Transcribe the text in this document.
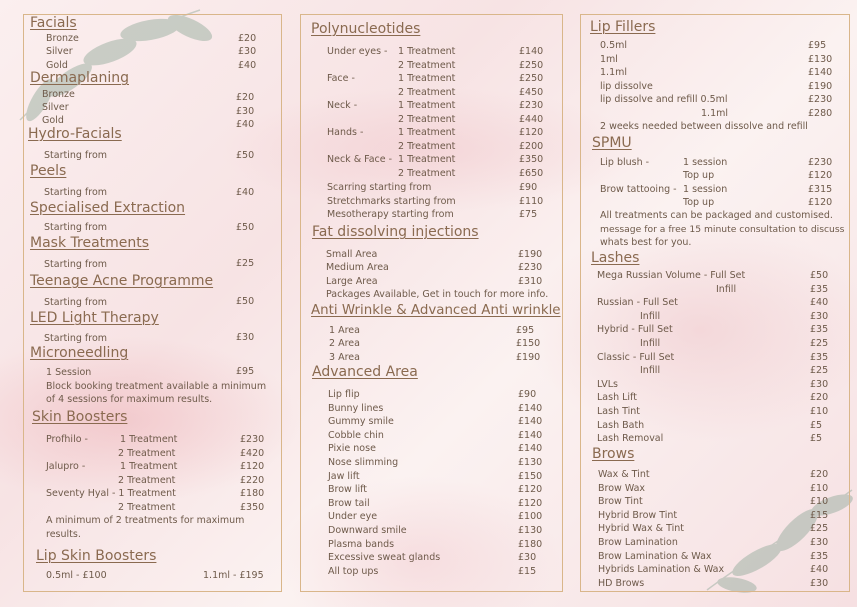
Facials
Bronze	£20
Silver	£30
Gold	£40
Dermaplaning
Bronze	£20
Silver	£30
Gold	£40
Hydro-Facials
Starting from	£50
Peels
Starting from	£40
Specialised Extraction
Starting from	£50
Mask Treatments
Starting from	£25
Teenage Acne Programme
Starting from	£50
LED Light Therapy
Starting from	£30
Microneedling
1 Session	£95
Block booking treatment available a minimum
of 4 sessions for maximum results.
Skin Boosters
Profhilo -	1 Treatment	£230
2 Treatment	£420
Jalupro -	1 Treatment	£120
2 Treatment	£220
Seventy Hyal - 1 Treatment	£180
2 Treatment	£350
A minimum of 2 treatments for maximum
results.
Lip Skin Boosters
0.5ml - £100	1.1ml - £195
Polynucleotides
Under eyes - 1 Treatment	£140
2 Treatment	£250
Face -	1 Treatment	£250
2 Treatment	£450
Neck -	1 Treatment	£230
2 Treatment	£440
Hands -	1 Treatment	£120
2 Treatment	£200
Neck & Face - 1 Treatment	£350
2 Treatment	£650
Scarring starting from	£90
Stretchmarks starting from	£110
Mesotherapy starting from	£75
Fat dissolving injections
Small Area	£190
Medium Area	£230
Large Area	£310
Packages Available, Get in touch for more info.
Anti Wrinkle & Advanced Anti wrinkle
1 Area	£95
2 Area	£150
3 Area	£190
Advanced Area
Lip flip	£90
Bunny lines	£140
Gummy smile	£140
Cobble chin	£140
Pixie nose	£140
Nose slimming	£130
Jaw lift	£150
Brow lift	£120
Brow tail	£120
Under eye	£100
Downward smile	£130
Plasma bands	£180
Excessive sweat glands	£30
All top ups	£15
Lip Fillers
0.5ml	£95
1ml	£130
1.1ml	£140
lip dissolve	£190
lip dissolve and refill 0.5ml	£230
1.1ml	£280
2 weeks needed between dissolve and refill
SPMU
Lip blush -	1 session	£230
Top up	£120
Brow tattooing - 1 session	£315
Top up	£120
All treatments can be packaged and customised.
message for a free 15 minute consultation to discuss
whats best for you.
Lashes
Mega Russian Volume - Full Set	£50
Infill	£35
Russian - Full Set	£40
Infill	£30
Hybrid - Full Set	£35
Infill	£25
Classic - Full Set	£35
Infill	£25
LVLs	£30
Lash Lift	£20
Lash Tint	£10
Lash Bath	£5
Lash Removal	£5
Brows
Wax & Tint	£20
Brow Wax	£10
Brow Tint	£10
Hybrid Brow Tint	£15
Hybrid Wax & Tint	£25
Brow Lamination	£30
Brow Lamination & Wax	£35
Hybrids Lamination & Wax	£40
HD Brows	£30
